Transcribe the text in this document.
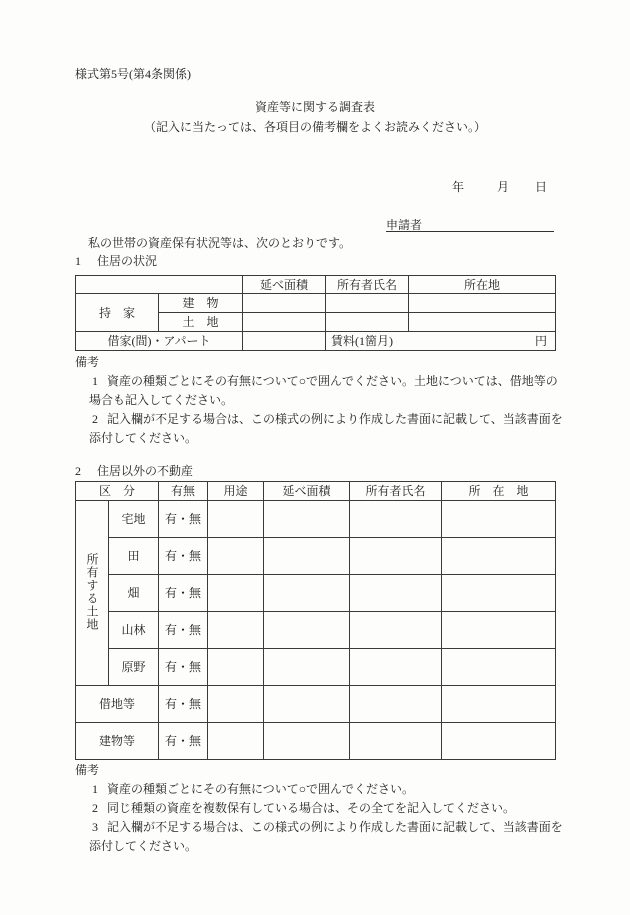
様式第5号(第4条関係)
資産等に関する調査表
（記入に当たっては、各項目の備考欄をよくお読みください。）
年	月 日
申請者
私の世帯の資産保有状況等は、次のとおりです。
1 住居の状況
		延べ面積	所有者氏名	所在地
持　家	建　物			
	土　地			
借家(間)・アパート			賃料(1箇月) 円	
備考
1 資産の種類ごとにその有無について○で囲んでください。土地については、借地等の
場合も記入してください。
2 記入欄が不足する場合は、この様式の例により作成した書面に記載して、当該書面を
添付してください。
2 住居以外の不動産
区　分		有無	用途	延べ面積	所有者氏名	所　在　地
所有する土地	宅地	有・無				
	田	有・無				
	畑	有・無				
	山林	有・無				
	原野	有・無				
借地等		有・無				
建物等		有・無				
備考
1 資産の種類ごとにその有無について○で囲んでください。
2 同じ種類の資産を複数保有している場合は、その全てを記入してください。
3 記入欄が不足する場合は、この様式の例により作成した書面に記載して、当該書面を
添付してください。
